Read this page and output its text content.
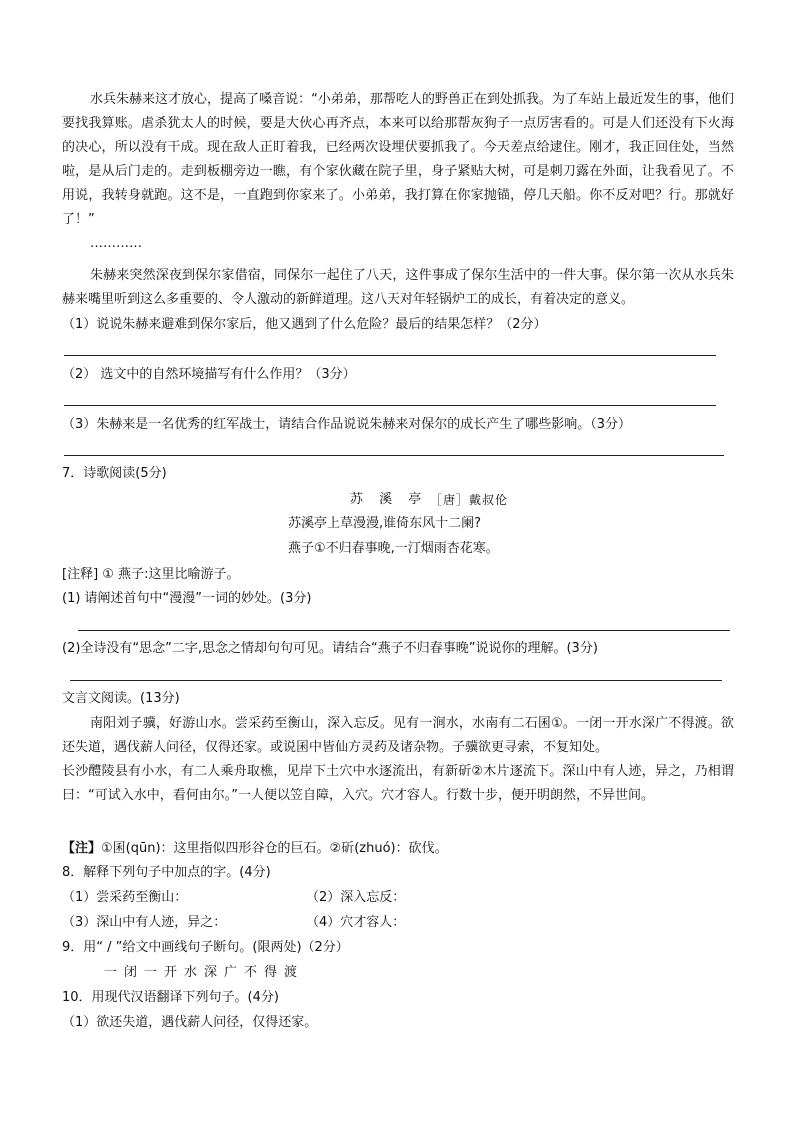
水兵朱赫来这才放心，提高了嗓音说：“小弟弟，那帮吃人的野兽正在到处抓我。为了车站上最近发生的事，他们要找我算账。虐杀犹太人的时候，要是大伙心再齐点，本来可以给那帮灰狗子一点厉害看的。可是人们还没有下火海的决心，所以没有干成。现在敌人正盯着我，已经两次设埋伏要抓我了。今天差点给逮住。刚才，我正回住处，当然啦，是从后门走的。走到板棚旁边一瞧，有个家伙藏在院子里，身子紧贴大树，可是刺刀露在外面，让我看见了。不用说，我转身就跑。这不是，一直跑到你家来了。小弟弟，我打算在你家抛锚，停几天船。你不反对吧？行。那就好了！”

…………

朱赫来突然深夜到保尔家借宿，同保尔一起住了八天，这件事成了保尔生活中的一件大事。保尔第一次从水兵朱赫来嘴里听到这么多重要的、令人激动的新鲜道理。这八天对年轻锅炉工的成长，有着决定的意义。

（1）说说朱赫来避难到保尔家后，他又遇到了什么危险？最后的结果怎样？（2分）

（2） 选文中的自然环境描写有什么作用？（3分）

（3）朱赫来是一名优秀的红军战士，请结合作品说说朱赫来对保尔的成长产生了哪些影响。（3分）

7．诗歌阅读(5分)

苏 溪 亭 ［唐］戴叔伦

苏溪亭上草漫漫,谁倚东风十二阑?

燕子①不归春事晚,一汀烟雨杏花寒。

[注释] ① 燕子:这里比喻游子。

(1) 请阐述首句中“漫漫”一词的妙处。(3分)

(2)全诗没有“思念”二字,思念之情却句句可见。请结合“燕子不归春事晚”说说你的理解。(3分)

文言文阅读。(13分)

南阳刘子骥，好游山水。尝采药至衡山，深入忘反。见有一涧水，水南有二石囷①。一闭一开水深广不得渡。欲还失道，遇伐薪人问径，仅得还家。或说囷中皆仙方灵药及诸杂物。子骥欲更寻索，不复知处。

长沙醴陵县有小水，有二人乘舟取樵，见岸下土穴中水逐流出，有新斫②木片逐流下。深山中有人迹，异之，乃相谓曰：“可试入水中，看何由尔。”一人便以笠自障，入穴。穴才容人。行数十步，便开明朗然，不异世间。

【注】①囷(qūn)：这里指似四形谷仓的巨石。②斫(zhuó)：砍伐。

8．解释下列句子中加点的字。(4分)

（1）尝采药至衡山：	（2）深入忘反：

（3）深山中有人迹，异之：	（4）穴才容人：

9．用“ / ”给文中画线句子断句。(限两处)（2分）

一闭一开水深广不得渡

10．用现代汉语翻译下列句子。(4分)

（1）欲还失道，遇伐薪人问径，仅得还家。
